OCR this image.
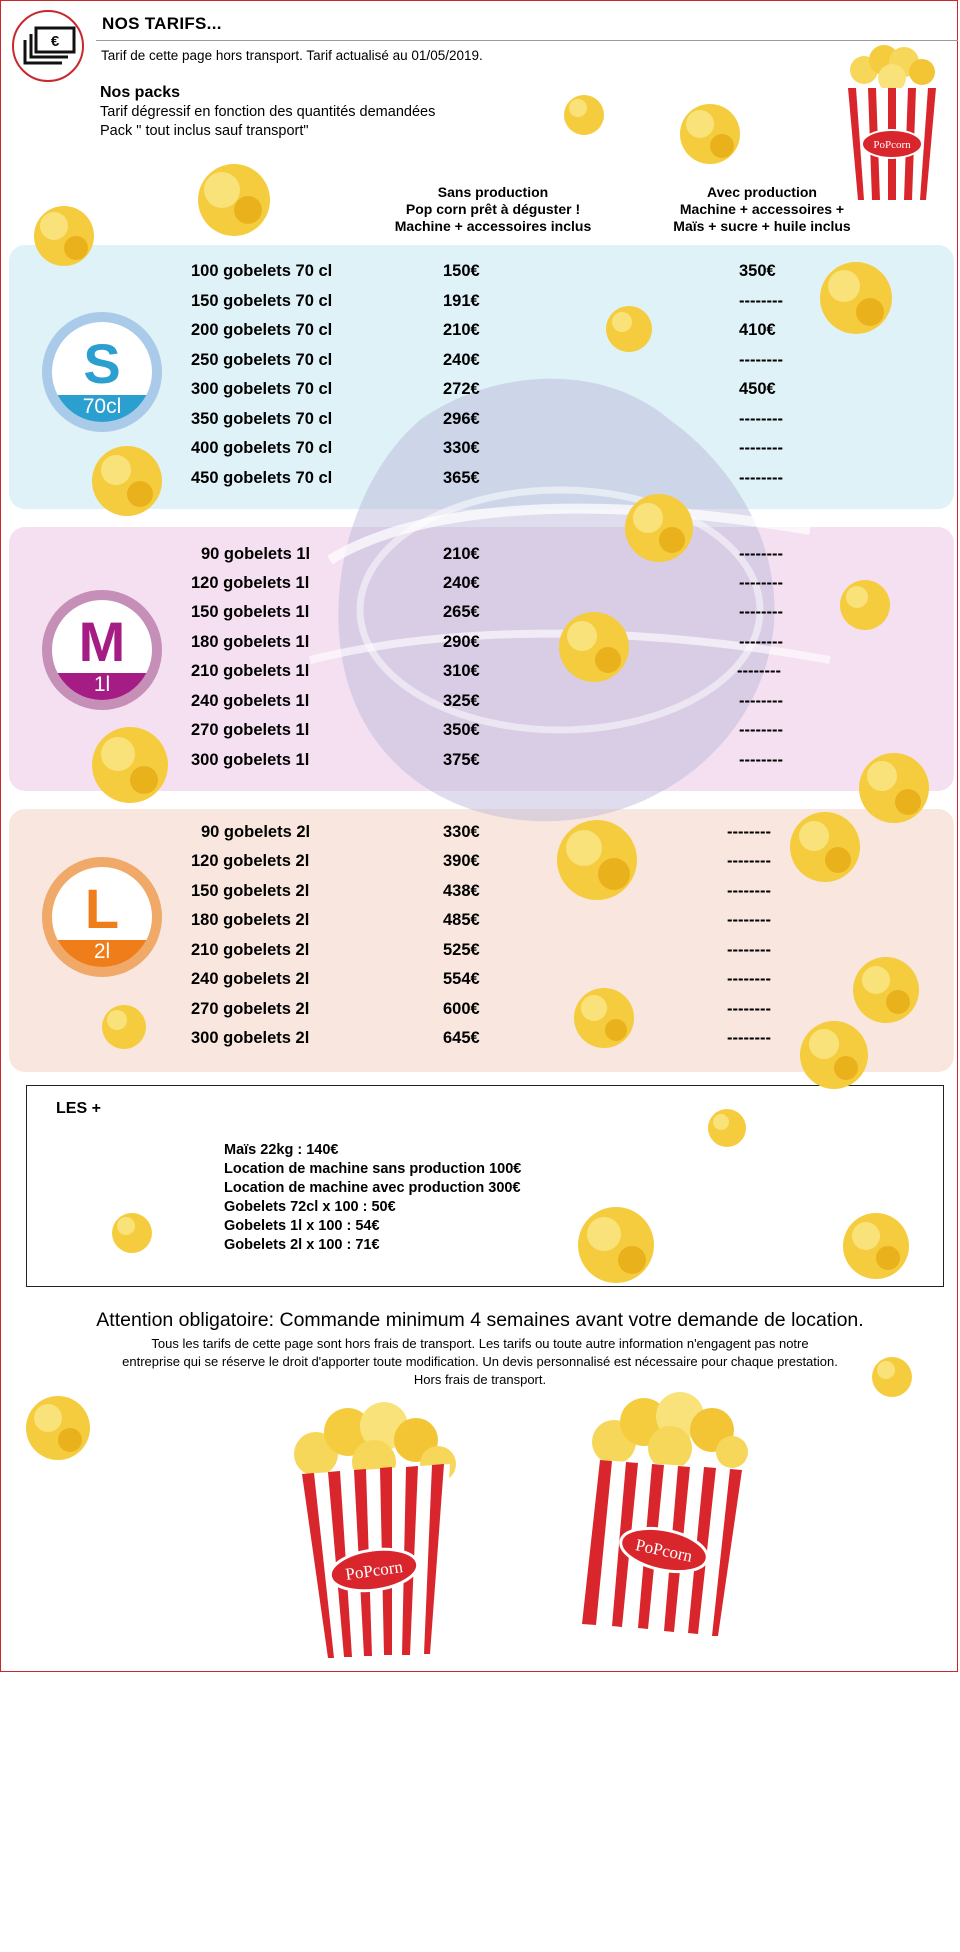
€
NOS TARIFS...
Tarif de cette page hors transport. Tarif actualisé au 01/05/2019.
Nos packs
Tarif dégressif en fonction des quantités demandées
Pack " tout inclus sauf transport"
Sans production
Pop corn prêt à déguster !
Machine + accessoires inclus
Avec production
Machine + accessoires +
Maïs + sucre + huile inclus
S
70cl
M
1l
L
2l
100 gobelets 70 cl	150€	350€
150 gobelets 70 cl	191€	--------
200 gobelets 70 cl	210€	410€
250 gobelets 70 cl	240€	--------
300 gobelets 70 cl	272€	450€
350 gobelets 70 cl	296€	--------
400 gobelets 70 cl	330€	--------
450 gobelets 70 cl	365€	--------
90 gobelets 1l	210€	--------
120 gobelets 1l	240€	--------
150 gobelets 1l	265€	--------
180 gobelets 1l	290€	--------
210 gobelets 1l	310€	--------
240 gobelets 1l	325€	--------
270 gobelets 1l	350€	--------
300 gobelets 1l	375€	--------
90 gobelets 2l	330€	--------
120 gobelets 2l	390€	--------
150 gobelets 2l	438€	--------
180 gobelets 2l	485€	--------
210 gobelets 2l	525€	--------
240 gobelets 2l	554€	--------
270 gobelets 2l	600€	--------
300 gobelets 2l	645€	--------
LES +
Maïs 22kg : 140€
Location de machine sans production 100€
Location de machine avec production 300€
Gobelets 72cl x 100 : 50€
Gobelets 1l x 100 : 54€
Gobelets 2l x 100 : 71€
Attention obligatoire: Commande minimum 4 semaines avant votre demande de location.
Tous les tarifs de cette page sont hors frais de transport. Les tarifs ou toute autre information n'engagent pas notre
entreprise qui se réserve le droit d'apporter toute modification. Un devis personnalisé est nécessaire pour chaque prestation.
Hors frais de transport.
PoPcorn
PoPcorn
PoPcorn
